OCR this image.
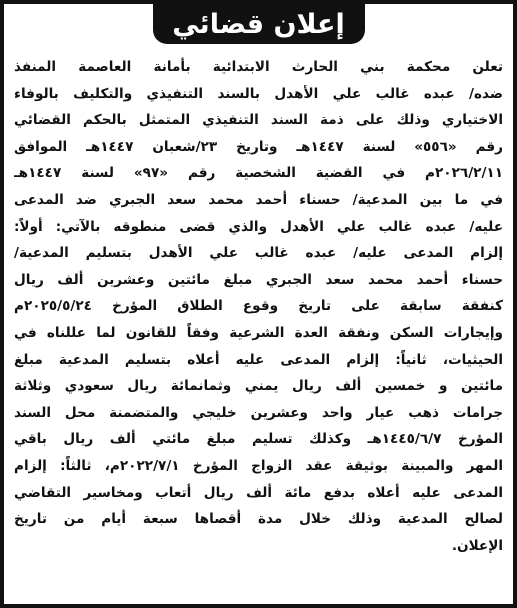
إعلان قضائي
تعلن محكمة بني الحارث الابتدائية بأمانة العاصمة المنفذ
ضده/ عبده غالب علي الأهدل بالسند التنفيذي والتكليف بالوفاء
الاختياري وذلك على ذمة السند التنفيذي المتمثل بالحكم القضائي
رقم «٥٥٦» لسنة ١٤٤٧هـ وتاريخ ٢٣/شعبان ١٤٤٧هـ الموافق
٢٠٢٦/٢/١١م في القضية الشخصية رقم «٩٧» لسنة ١٤٤٧هـ
في ما بين المدعية/ حسناء أحمد محمد سعد الجبري ضد المدعى
عليه/ عبده غالب علي الأهدل والذي قضى منطوقه بالآتي: أولاً:
إلزام المدعى عليه/ عبده غالب علي الأهدل بتسليم المدعية/
حسناء أحمد محمد سعد الجبري مبلغ مائتين وعشرين ألف ريال
كنفقة سابقة على تاريخ وقوع الطلاق المؤرخ ٢٠٢٥/٥/٢٤م
وإيجارات السكن ونفقة العدة الشرعية وفقاً للقانون لما عللناه في
الحيثيات، ثانياً: إلزام المدعى عليه أعلاه بتسليم المدعية مبلغ
مائتين و خمسين ألف ريال يمني وثمانمائة ريال سعودي وثلاثة
جرامات ذهب عيار واحد وعشرين خليجي والمتضمنة محل السند
المؤرخ ١٤٤٥/٦/٧هـ وكذلك تسليم مبلغ مائتي ألف ريال باقي
المهر والمبينة بوثيقة عقد الزواج المؤرخ ٢٠٢٢/٧/١م، ثالثاً: إلزام
المدعى عليه أعلاه بدفع مائة ألف ريال أتعاب ومخاسير التقاضي
لصالح المدعية وذلك خلال مدة أقصاها سبعة أيام من تاريخ
الإعلان.
